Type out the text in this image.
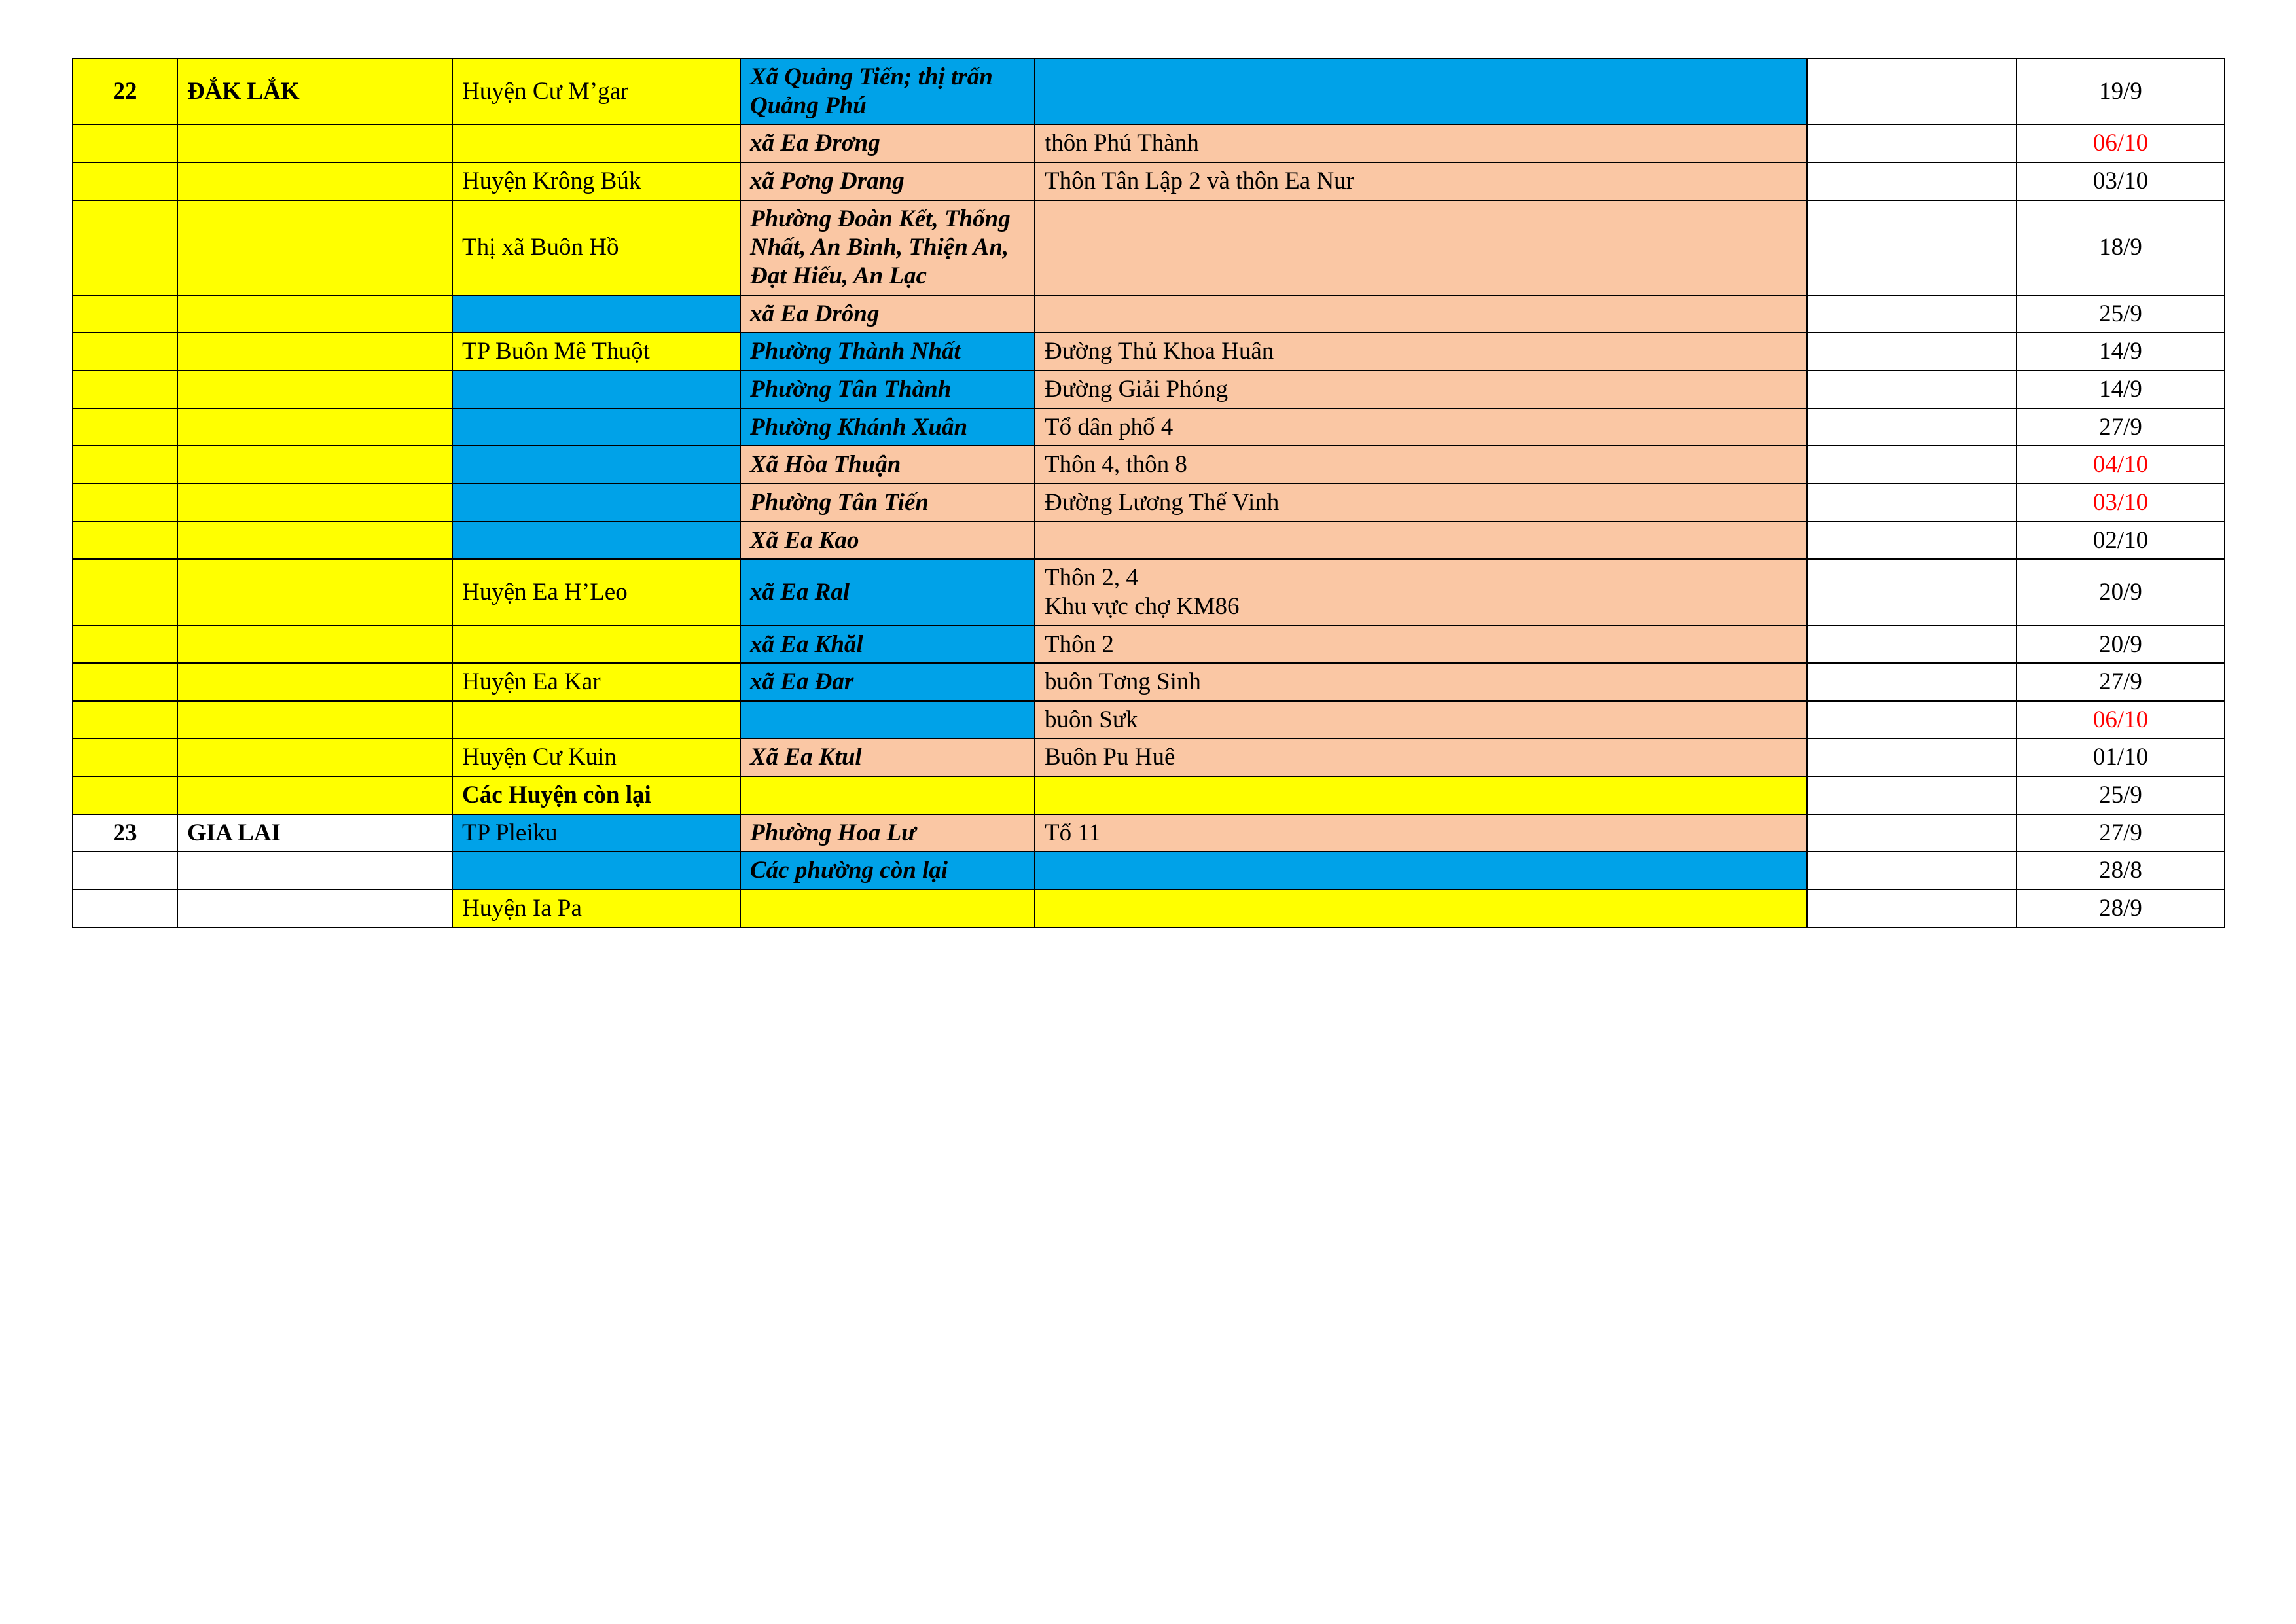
22	ĐẮK LẮK	Huyện Cư M’gar	Xã Quảng Tiến; thị trấn Quảng Phú			19/9
			xã Ea Đrơng	thôn Phú Thành		06/10
		Huyện Krông Búk	xã Pơng Drang	Thôn Tân Lập 2 và thôn Ea Nur		03/10
		Thị xã Buôn Hồ	Phường Đoàn Kết, Thống Nhất, An Bình, Thiện An, Đạt Hiếu, An Lạc			18/9
			xã Ea Drông			25/9
		TP Buôn Mê Thuột	Phường Thành Nhất	Đường Thủ Khoa Huân		14/9
			Phường Tân Thành	Đường Giải Phóng		14/9
			Phường Khánh Xuân	Tổ dân phố 4		27/9
			Xã Hòa Thuận	Thôn 4, thôn 8		04/10
			Phường Tân Tiến	Đường Lương Thế Vinh		03/10
			Xã Ea Kao			02/10
		Huyện Ea H’Leo	xã Ea Ral	Thôn 2, 4
Khu vực chợ KM86		20/9
			xã Ea Khăl	Thôn 2		20/9
		Huyện Ea Kar	xã Ea Đar	buôn Tơng Sinh		27/9
				buôn Sưk		06/10
		Huyện Cư Kuin	Xã Ea Ktul	Buôn Pu Huê		01/10
		Các Huyện còn lại				25/9
23	GIA LAI	TP Pleiku	Phường Hoa Lư	Tổ 11		27/9
			Các phường còn lại			28/8
		Huyện Ia Pa				28/9
